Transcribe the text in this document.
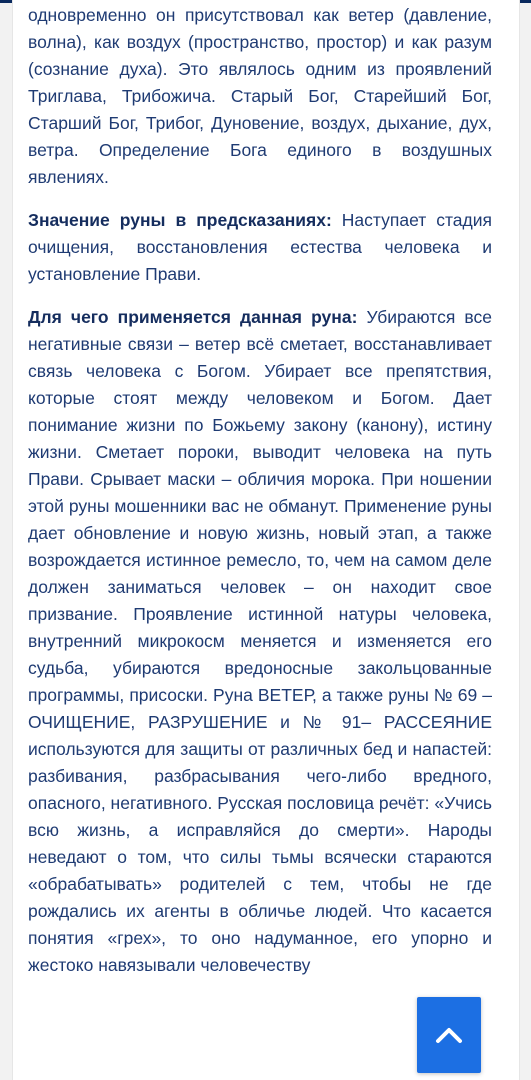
одновременно он присутствовал как ветер (давление, волна), как воздух (пространство, простор) и как разум (сознание духа). Это являлось одним из проявлений Триглава, Трибожича. Старый Бог, Старейший Бог, Старший Бог, Трибог, Дуновение, воздух, дыхание, дух, ветра. Определение Бога единого в воздушных явлениях.

Значение руны в предсказаниях: Наступает стадия очищения, восстановления естества человека и установление Прави.

Для чего применяется данная руна: Убираются все негативные связи – ветер всё сметает, восстанавливает связь человека с Богом. Убирает все препятствия, которые стоят между человеком и Богом. Дает понимание жизни по Божьему закону (канону), истину жизни. Сметает пороки, выводит человека на путь Прави. Срывает маски – обличия морока. При ношении этой руны мошенники вас не обманут. Применение руны дает обновление и новую жизнь, новый этап, а также возрождается истинное ремесло, то, чем на самом деле должен заниматься человек – он находит свое призвание. Проявление истинной натуры человека, внутренний микрокосм меняется и изменяется его судьба, убираются вредоносные закольцованные программы, присоски. Руна ВЕТЕР, а также руны № 69 – ОЧИЩЕНИЕ, РАЗРУШЕНИЕ и № 91– РАССЕЯНИЕ используются для защиты от различных бед и напастей: разбивания, разбрасывания чего-либо вредного, опасного, негативного. Русская пословица речёт: «Учись всю жизнь, а исправляйся до смерти». Народы неведают о том, что силы тьмы всячески стараются «обрабатывать» родителей с тем, чтобы не где рождались их агенты в обличье людей. Что касается понятия «грех», то оно надуманное, его упорно и жестоко навязывали человечеству
